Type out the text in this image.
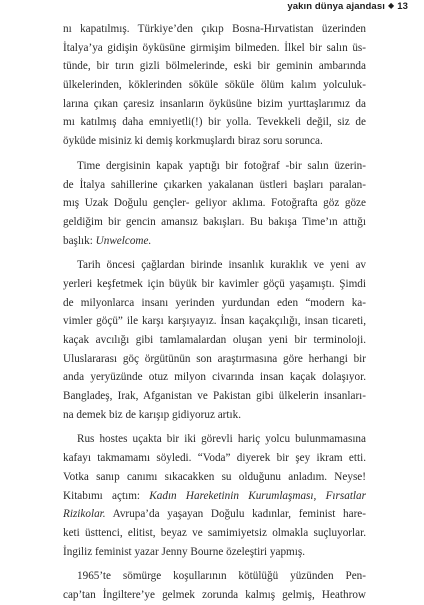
yakın dünya ajandası ◆ 13
nı kapatılmış. Türkiye’den çıkıp Bosna-Hırvatistan üzerinden
İtalya’ya gidişin öyküsüne girmişim bilmeden. İlkel bir salın üs-
tünde, bir tırın gizli bölmelerinde, eski bir geminin ambarında
ülkelerinden, köklerinden söküle söküle ölüm kalım yolculuk-
larına çıkan çaresiz insanların öyküsüne bizim yurttaşlarımız da
mı katılmış daha emniyetli(!) bir yolla. Tevekkeli değil, siz de
öyküde misiniz ki demiş korkmuşlardı biraz soru sorunca.
Time dergisinin kapak yaptığı bir fotoğraf -bir salın üzerin-
de İtalya sahillerine çıkarken yakalanan üstleri başları paralan-
mış Uzak Doğulu gençler- geliyor aklıma. Fotoğrafta göz göze
geldiğim bir gencin amansız bakışları. Bu bakışa Time’ın attığı
başlık: Unwelcome.
Tarih öncesi çağlardan birinde insanlık kuraklık ve yeni av
yerleri keşfetmek için büyük bir kavimler göçü yaşamıştı. Şimdi
de milyonlarca insanı yerinden yurdundan eden “modern ka-
vimler göçü” ile karşı karşıyayız. İnsan kaçakçılığı, insan ticareti,
kaçak avcılığı gibi tamlamalardan oluşan yeni bir terminoloji.
Uluslararası göç örgütünün son araştırmasına göre herhangi bir
anda yeryüzünde otuz milyon civarında insan kaçak dolaşıyor.
Bangladeş, Irak, Afganistan ve Pakistan gibi ülkelerin insanları-
na demek biz de karışıp gidiyoruz artık.
Rus hostes uçakta bir iki görevli hariç yolcu bulunmamasına
kafayı takmamamı söyledi. “Voda” diyerek bir şey ikram etti.
Votka sanıp canımı sıkacakken su olduğunu anladım. Neyse!
Kitabımı açtım: Kadın Hareketinin Kurumlaşması, Fırsatlar
Rizikolar. Avrupa’da yaşayan Doğulu kadınlar, feminist hare-
keti üsttenci, elitist, beyaz ve samimiyetsiz olmakla suçluyorlar.
İngiliz feminist yazar Jenny Bourne özeleştiri yapmış.
1965’te sömürge koşullarının kötülüğü yüzünden Pen-
cap’tan İngiltere’ye gelmek zorunda kalmış gelmiş, Heathrow
